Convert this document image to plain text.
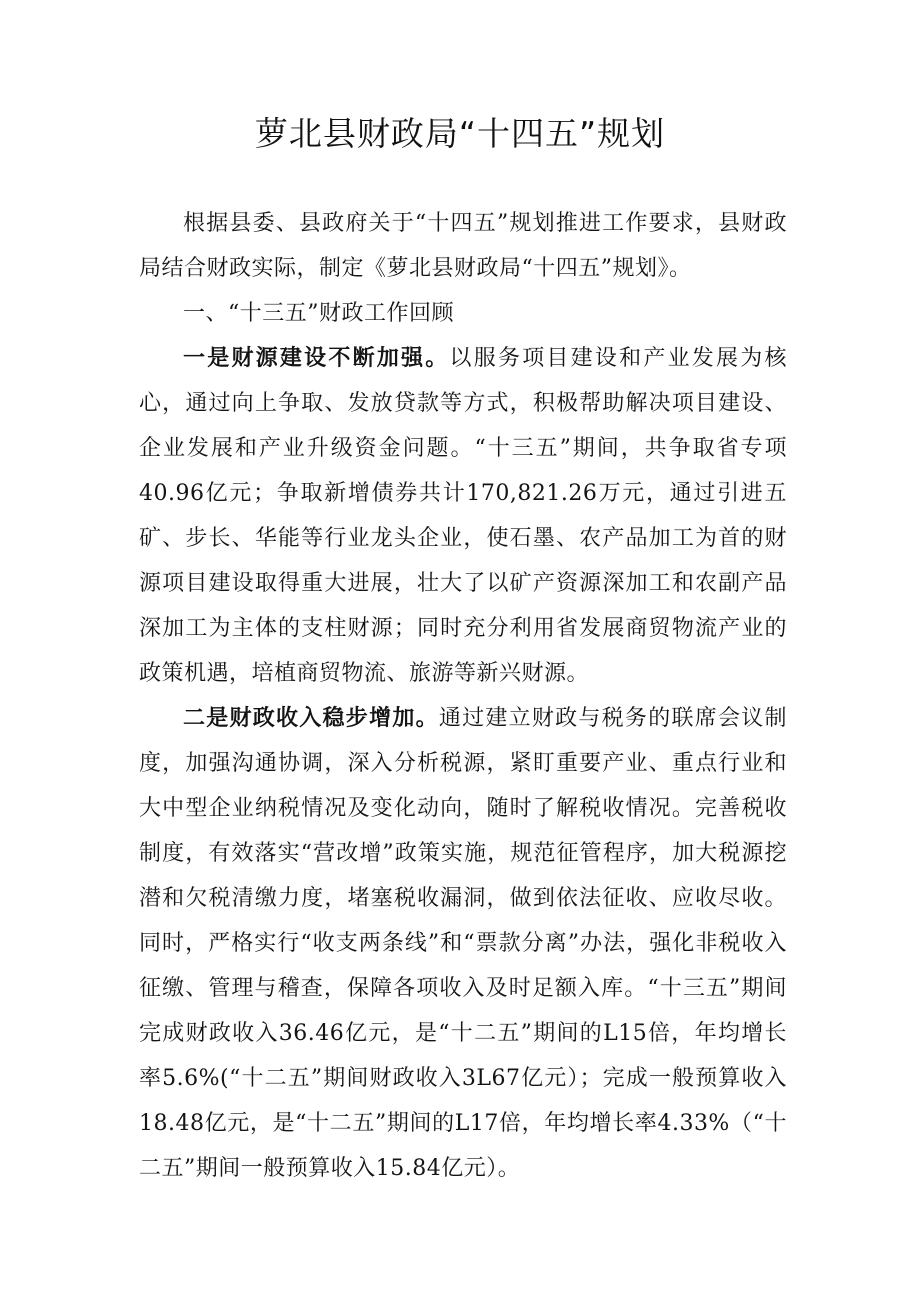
萝北县财政局“十四五”规划

根据县委、县政府关于“十四五”规划推进工作要求，县财政局结合财政实际，制定《萝北县财政局“十四五”规划》。

一、“十三五”财政工作回顾

一是财源建设不断加强。以服务项目建设和产业发展为核心，通过向上争取、发放贷款等方式，积极帮助解决项目建设、企业发展和产业升级资金问题。“十三五”期间，共争取省专项40.96亿元；争取新增债券共计170,821.26万元，通过引进五矿、步长、华能等行业龙头企业，使石墨、农产品加工为首的财源项目建设取得重大进展，壮大了以矿产资源深加工和农副产品深加工为主体的支柱财源；同时充分利用省发展商贸物流产业的政策机遇，培植商贸物流、旅游等新兴财源。

二是财政收入稳步增加。通过建立财政与税务的联席会议制度，加强沟通协调，深入分析税源，紧盯重要产业、重点行业和大中型企业纳税情况及变化动向，随时了解税收情况。完善税收制度，有效落实“营改增”政策实施，规范征管程序，加大税源挖潜和欠税清缴力度，堵塞税收漏洞，做到依法征收、应收尽收。同时，严格实行“收支两条线”和“票款分离”办法，强化非税收入征缴、管理与稽查，保障各项收入及时足额入库。“十三五”期间完成财政收入36.46亿元，是“十二五”期间的L15倍，年均增长率5.6%(“十二五”期间财政收入3L67亿元）；完成一般预算收入18.48亿元，是“十二五”期间的L17倍，年均增长率4.33%（“十二五”期间一般预算收入15.84亿元）。
